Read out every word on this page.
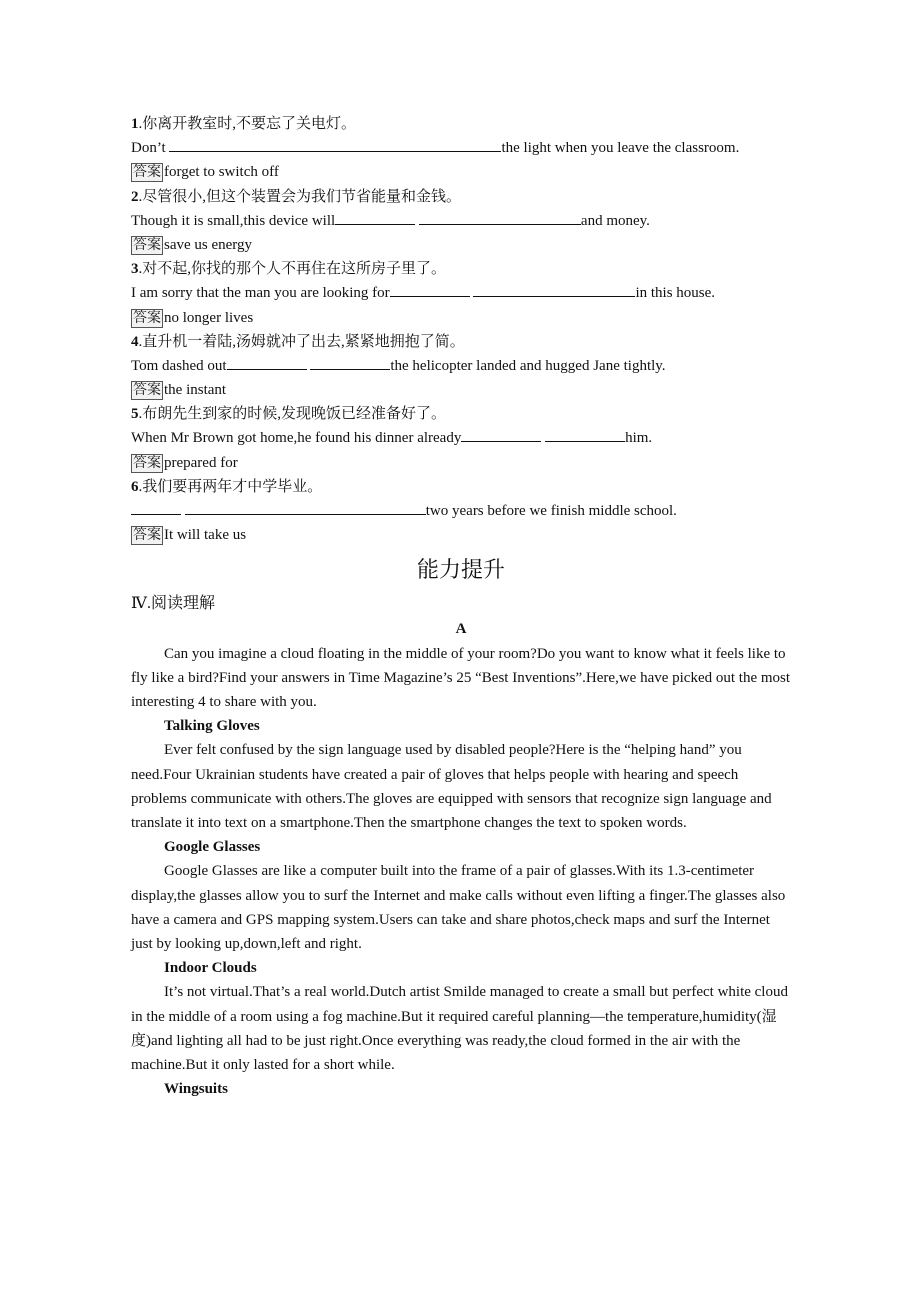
1.你离开教室时,不要忘了关电灯。
Don’t	the light when you leave the classroom.
答案 forget to switch off
2.尽管很小,但这个装置会为我们节省能量和金钱。
Though it is small,this device will	and money.
答案 save us energy
3.对不起,你找的那个人不再住在这所房子里了。
I am sorry that the man you are looking for	in this house.
答案 no longer lives
4.直升机一着陆,汤姆就冲了出去,紧紧地拥抱了简。
Tom dashed out	the helicopter landed and hugged Jane tightly.
答案 the instant
5.布朗先生到家的时候,发现晚饭已经准备好了。
When Mr Brown got home,he found his dinner already	him.
答案 prepared for
6.我们要再两年才中学毕业。
two years before we finish middle school.
答案 It will take us
能力提升
Ⅳ.阅读理解
A
Can you imagine a cloud floating in the middle of your room?Do you want to know what it feels like to fly like a bird?Find your answers in Time Magazine’s 25 “Best Inventions”.Here,we have picked out the most interesting 4 to share with you.
Talking Gloves
Ever felt confused by the sign language used by disabled people?Here is the “helping hand” you need.Four Ukrainian students have created a pair of gloves that helps people with hearing and speech problems communicate with others.The gloves are equipped with sensors that recognize sign language and translate it into text on a smartphone.Then the smartphone changes the text to spoken words.
Google Glasses
Google Glasses are like a computer built into the frame of a pair of glasses.With its 1.3-centimeter display,the glasses allow you to surf the Internet and make calls without even lifting a finger.The glasses also have a camera and GPS mapping system.Users can take and share photos,check maps and surf the Internet just by looking up,down,left and right.
Indoor Clouds
It’s not virtual.That’s a real world.Dutch artist Smilde managed to create a small but perfect white cloud in the middle of a room using a fog machine.But it required careful planning—the temperature,humidity(湿度)and lighting all had to be just right.Once everything was ready,the cloud formed in the air with the machine.But it only lasted for a short while.
Wingsuits
